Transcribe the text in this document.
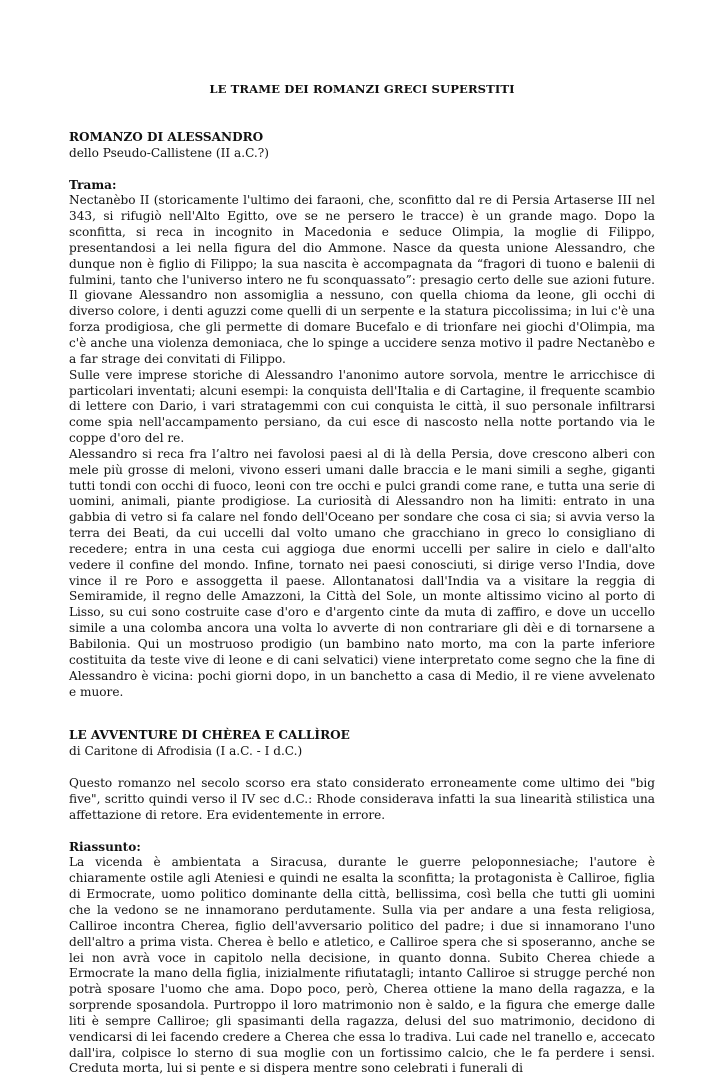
LE TRAME DEI ROMANZI GRECI SUPERSTITI
ROMANZO DI ALESSANDRO
dello Pseudo-Callistene (II a.C.?)
Trama:

Nectanèbo II (storicamente l'ultimo dei faraoni, che, sconfitto dal re di Persia Artaserse III nel 343, si rifugiò nell'Alto Egitto, ove se ne persero le tracce) è un grande mago. Dopo la sconfitta, si reca in incognito in Macedonia e seduce Olimpia, la moglie di Filippo, presentandosi a lei nella figura del dio Ammone. Nasce da questa unione Alessandro, che dunque non è figlio di Filippo; la sua nascita è accompagnata da “fragori di tuono e balenii di fulmini, tanto che l'universo intero ne fu sconquassato”: presagio certo delle sue azioni future. Il giovane Alessandro non assomiglia a nessuno, con quella chioma da leone, gli occhi di diverso colore, i denti aguzzi come quelli di un serpente e la statura piccolissima; in lui c'è una forza prodigiosa, che gli permette di domare Bucefalo e di trionfare nei giochi d'Olimpia, ma c'è anche una violenza demoniaca, che lo spinge a uccidere senza motivo il padre Nectanèbo e a far strage dei convitati di Filippo.

Sulle vere imprese storiche di Alessandro l'anonimo autore sorvola, mentre le arricchisce di particolari inventati; alcuni esempi: la conquista dell'Italia e di Cartagine, il frequente scambio di lettere con Dario, i vari stratagemmi con cui conquista le città, il suo personale infiltrarsi come spia nell'accampamento persiano, da cui esce di nascosto nella notte portando via le coppe d'oro del re.

Alessandro si reca fra l’altro nei favolosi paesi al di là della Persia, dove crescono alberi con mele più grosse di meloni, vivono esseri umani dalle braccia e le mani simili a seghe, giganti tutti tondi con occhi di fuoco, leoni con tre occhi e pulci grandi come rane, e tutta una serie di uomini, animali, piante prodigiose. La curiosità di Alessandro non ha limiti: entrato in una gabbia di vetro si fa calare nel fondo dell'Oceano per sondare che cosa ci sia; si avvia verso la terra dei Beati, da cui uccelli dal volto umano che gracchiano in greco lo consigliano di recedere; entra in una cesta cui aggioga due enormi uccelli per salire in cielo e dall'alto vedere il confine del mondo. Infine, tornato nei paesi conosciuti, si dirige verso l'India, dove vince il re Poro e assoggetta il paese. Allontanatosi dall'India va a visitare la reggia di Semiramide, il regno delle Amazzoni, la Città del Sole, un monte altissimo vicino al porto di Lisso, su cui sono costruite case d'oro e d'argento cinte da muta di zaffiro, e dove un uccello simile a una colomba ancora una volta lo avverte di non contrariare gli dèi e di tornarsene a Babilonia. Qui un mostruoso prodigio (un bambino nato morto, ma con la parte inferiore costituita da teste vive di leone e di cani selvatici) viene interpretato come segno che la fine di Alessandro è vicina: pochi giorni dopo, in un banchetto a casa di Medio, il re viene avvelenato e muore.

LE AVVENTURE DI CHÈREA E CALLÌROE
di Caritone di Afrodisia (I a.C. - I d.C.)

Questo romanzo nel secolo scorso era stato considerato erroneamente come ultimo dei "big five", scritto quindi verso il IV sec d.C.: Rhode considerava infatti la sua linearità stilistica una affettazione di retore. Era evidentemente in errore.

Riassunto:

La vicenda è ambientata a Siracusa, durante le guerre peloponnesiache; l'autore è chiaramente ostile agli Ateniesi e quindi ne esalta la sconfitta; la protagonista è Calliroe, figlia di Ermocrate, uomo politico dominante della città, bellissima, così bella che tutti gli uomini che la vedono se ne innamorano perdutamente. Sulla via per andare a una festa religiosa, Calliroe incontra Cherea, figlio dell'avversario politico del padre; i due si innamorano l'uno dell'altro a prima vista. Cherea è bello e atletico, e Calliroe spera che si sposeranno, anche se lei non avrà voce in capitolo nella decisione, in quanto donna. Subito Cherea chiede a Ermocrate la mano della figlia, inizialmente rifiutatagli; intanto Calliroe si strugge perché non potrà sposare l'uomo che ama. Dopo poco, però, Cherea ottiene la mano della ragazza, e la sorprende sposandola. Purtroppo il loro matrimonio non è saldo, e la figura che emerge dalle liti è sempre Calliroe; gli spasimanti della ragazza, delusi del suo matrimonio, decidono di vendicarsi di lei facendo credere a Cherea che essa lo tradiva. Lui cade nel tranello e, accecato dall'ira, colpisce lo sterno di sua moglie con un fortissimo calcio, che le fa perdere i sensi. Creduta morta, lui si pente e si dispera mentre sono celebrati i funerali di
